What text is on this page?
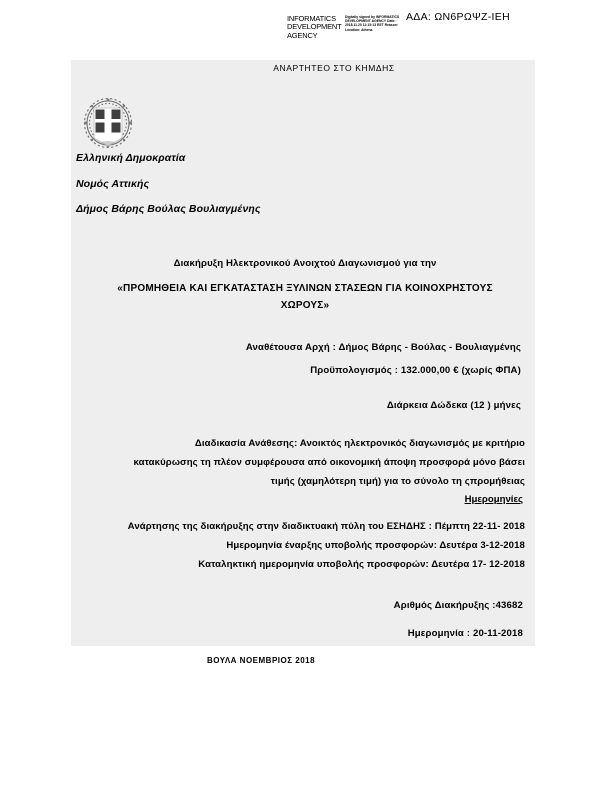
ΑΔΑ: ΩΝ6ΡΩΨΖ-ΙΕΗ
INFORMATICS DEVELOPMENT AGENCY
Digitally signed by INFORMATICS DEVELOPMENT AGENCY Date: 2018.11.20 11:15:13 EET Reason: Location: Athens
ΑΝΑΡΤΗΤΕΟ ΣΤΟ ΚΗΜΔΗΣ
Ελληνική Δημοκρατία
Νομός Αττικής
Δήμος Βάρης Βούλας Βουλιαγμένης
Διακήρυξη Ηλεκτρονικού Ανοιχτού Διαγωνισμού για την
«ΠΡΟΜΗΘΕΙΑ ΚΑΙ ΕΓΚΑΤΑΣΤΑΣΗ ΞΥΛΙΝΩΝ ΣΤΑΣΕΩΝ ΓΙΑ ΚΟΙΝΟΧΡΗΣΤΟΥΣ
ΧΩΡΟΥΣ»
Αναθέτουσα Αρχή : Δήμος Βάρης - Βούλας - Βουλιαγμένης
Προϋπολογισμός : 132.000,00 € (χωρίς ΦΠΑ)
Διάρκεια Δώδεκα (12 ) μήνες
Διαδικασία Ανάθεσης: Ανοικτός ηλεκτρονικός διαγωνισμός με κριτήριο
κατακύρωσης τη πλέον συμφέρουσα από οικονομική άποψη προσφορά μόνο βάσει
τιμής (χαμηλότερη τιμή) για το σύνολο τη ςπρομήθειας
Ημερομηνίες
Ανάρτησης της διακήρυξης στην διαδικτυακή πύλη του ΕΣΗΔΗΣ : Πέμπτη 22-11- 2018
Ημερομηνία έναρξης υποβολής προσφορών: Δευτέρα 3-12-2018
Καταληκτική ημερομηνία υποβολής προσφορών: Δευτέρα 17- 12-2018
Αριθμός Διακήρυξης :43682
Ημερομηνία : 20-11-2018
ΒΟΥΛΑ ΝΟΕΜΒΡΙΟΣ 2018
